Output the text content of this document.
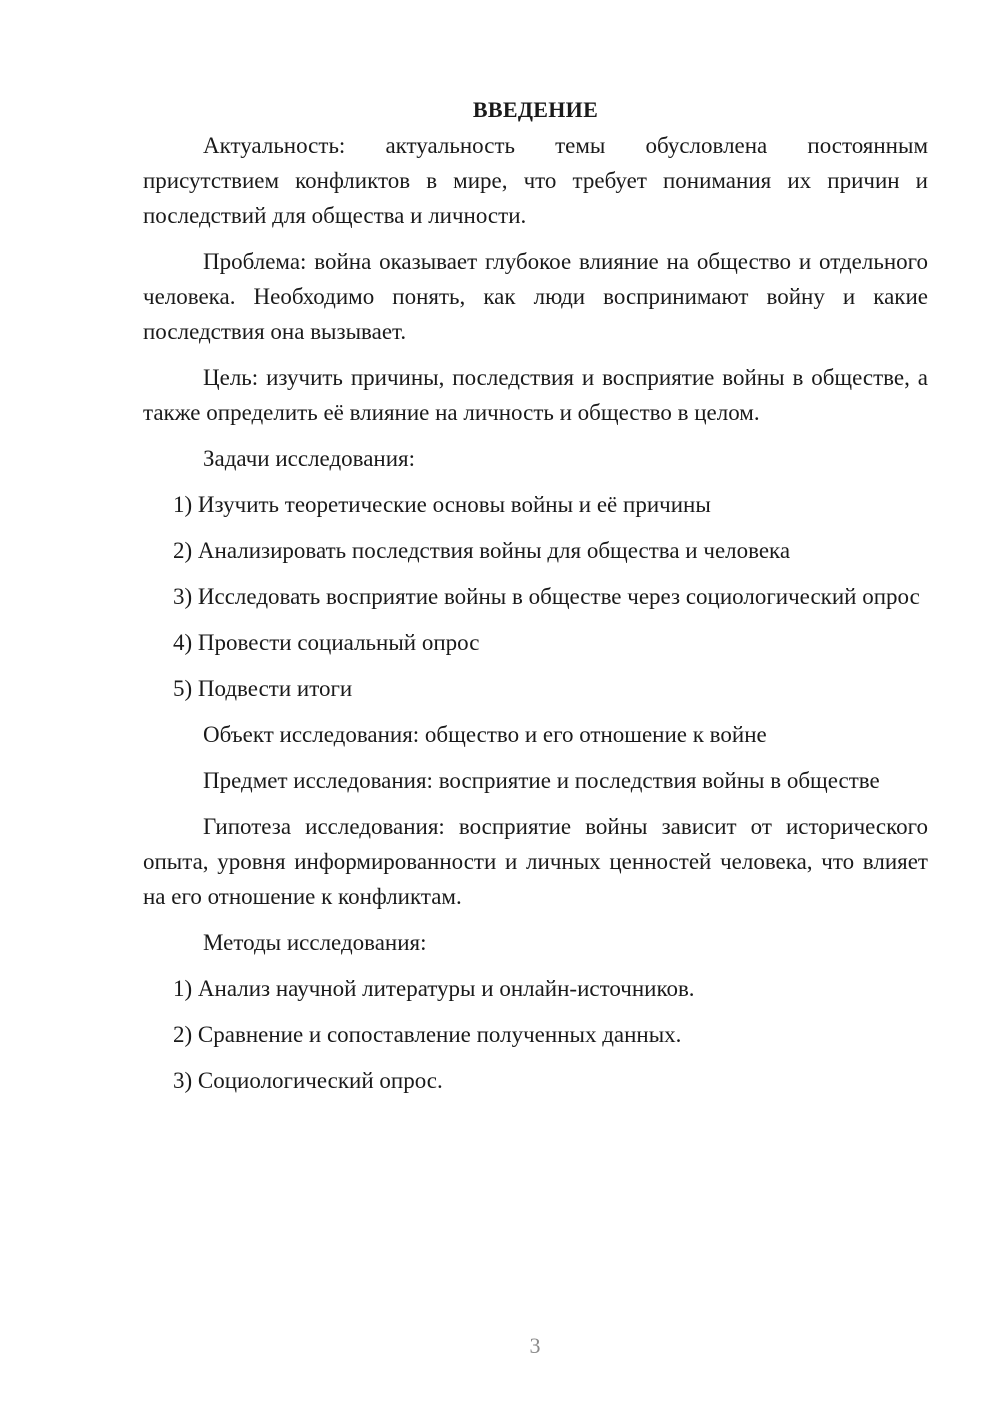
ВВЕДЕНИЕ

Актуальность: актуальность темы обусловлена постоянным присутствием конфликтов в мире, что требует понимания их причин и последствий для общества и личности.

Проблема: война оказывает глубокое влияние на общество и отдельного человека. Необходимо понять, как люди воспринимают войну и какие последствия она вызывает.

Цель: изучить причины, последствия и восприятие войны в обществе, а также определить её влияние на личность и общество в целом.

Задачи исследования:

1) Изучить теоретические основы войны и её причины

2) Анализировать последствия войны для общества и человека

3) Исследовать восприятие войны в обществе через социологический опрос

4) Провести социальный опрос

5) Подвести итоги

Объект исследования: общество и его отношение к войне

Предмет исследования: восприятие и последствия войны в обществе

Гипотеза исследования: восприятие войны зависит от исторического опыта, уровня информированности и личных ценностей человека, что влияет на его отношение к конфликтам.

Методы исследования:

1) Анализ научной литературы и онлайн-источников.

2) Сравнение и сопоставление полученных данных.

3) Социологический опрос.

3
